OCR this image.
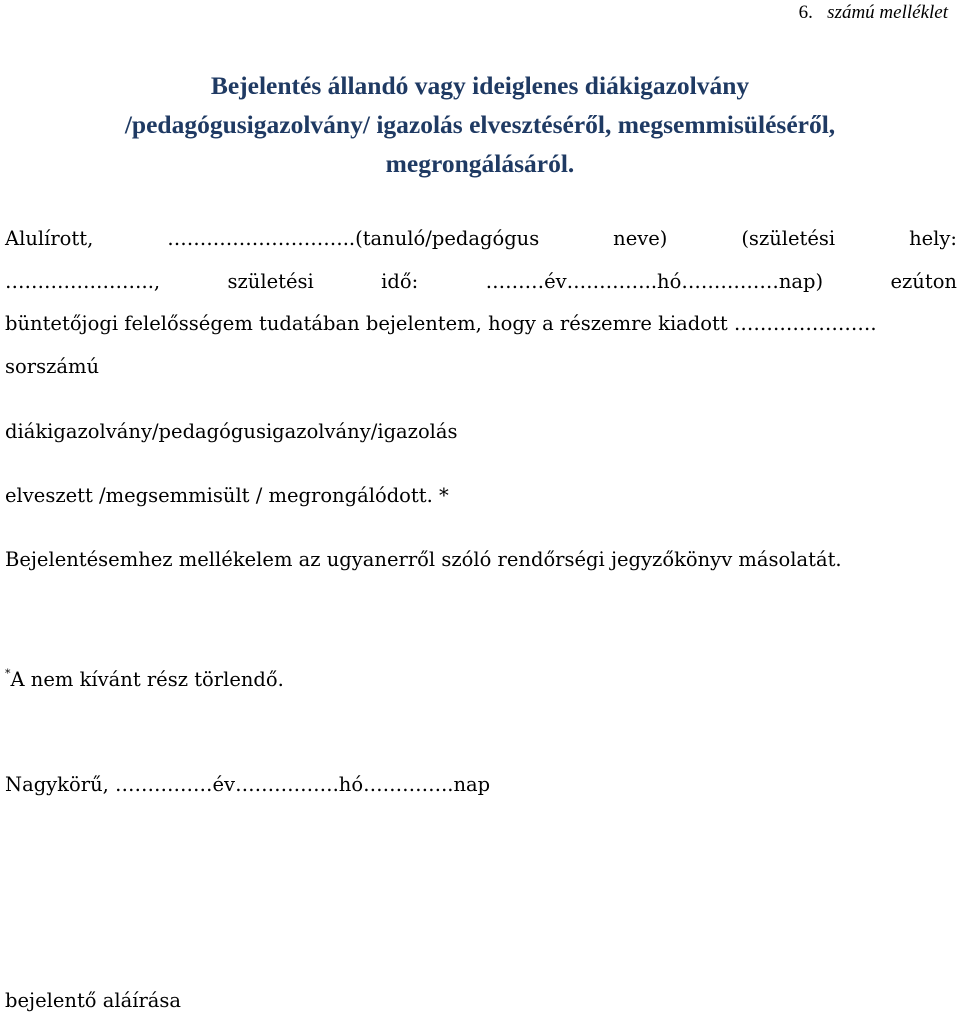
6. számú melléklet
Bejelentés állandó vagy ideiglenes diákigazolvány
/pedagógusigazolvány/ igazolás elvesztéséről, megsemmisüléséről,
megrongálásáról.
Alulírott,	………………………..(tanuló/pedagógus	neve)	(születési	hely:
…………………..,	születési	idő:	………év…………..hó……………nap)	ezúton
büntetőjogi felelősségem tudatában bejelentem, hogy a részemre kiadott ………………….
sorszámú
diákigazolvány/pedagógusigazolvány/igazolás
elveszett /megsemmisült / megrongálódott. *
Bejelentésemhez mellékelem az ugyanerről szóló rendőrségi jegyzőkönyv másolatát.
*A nem kívánt rész törlendő.
Nagykörű, ……………év…………….hó…………..nap
bejelentő aláírása
